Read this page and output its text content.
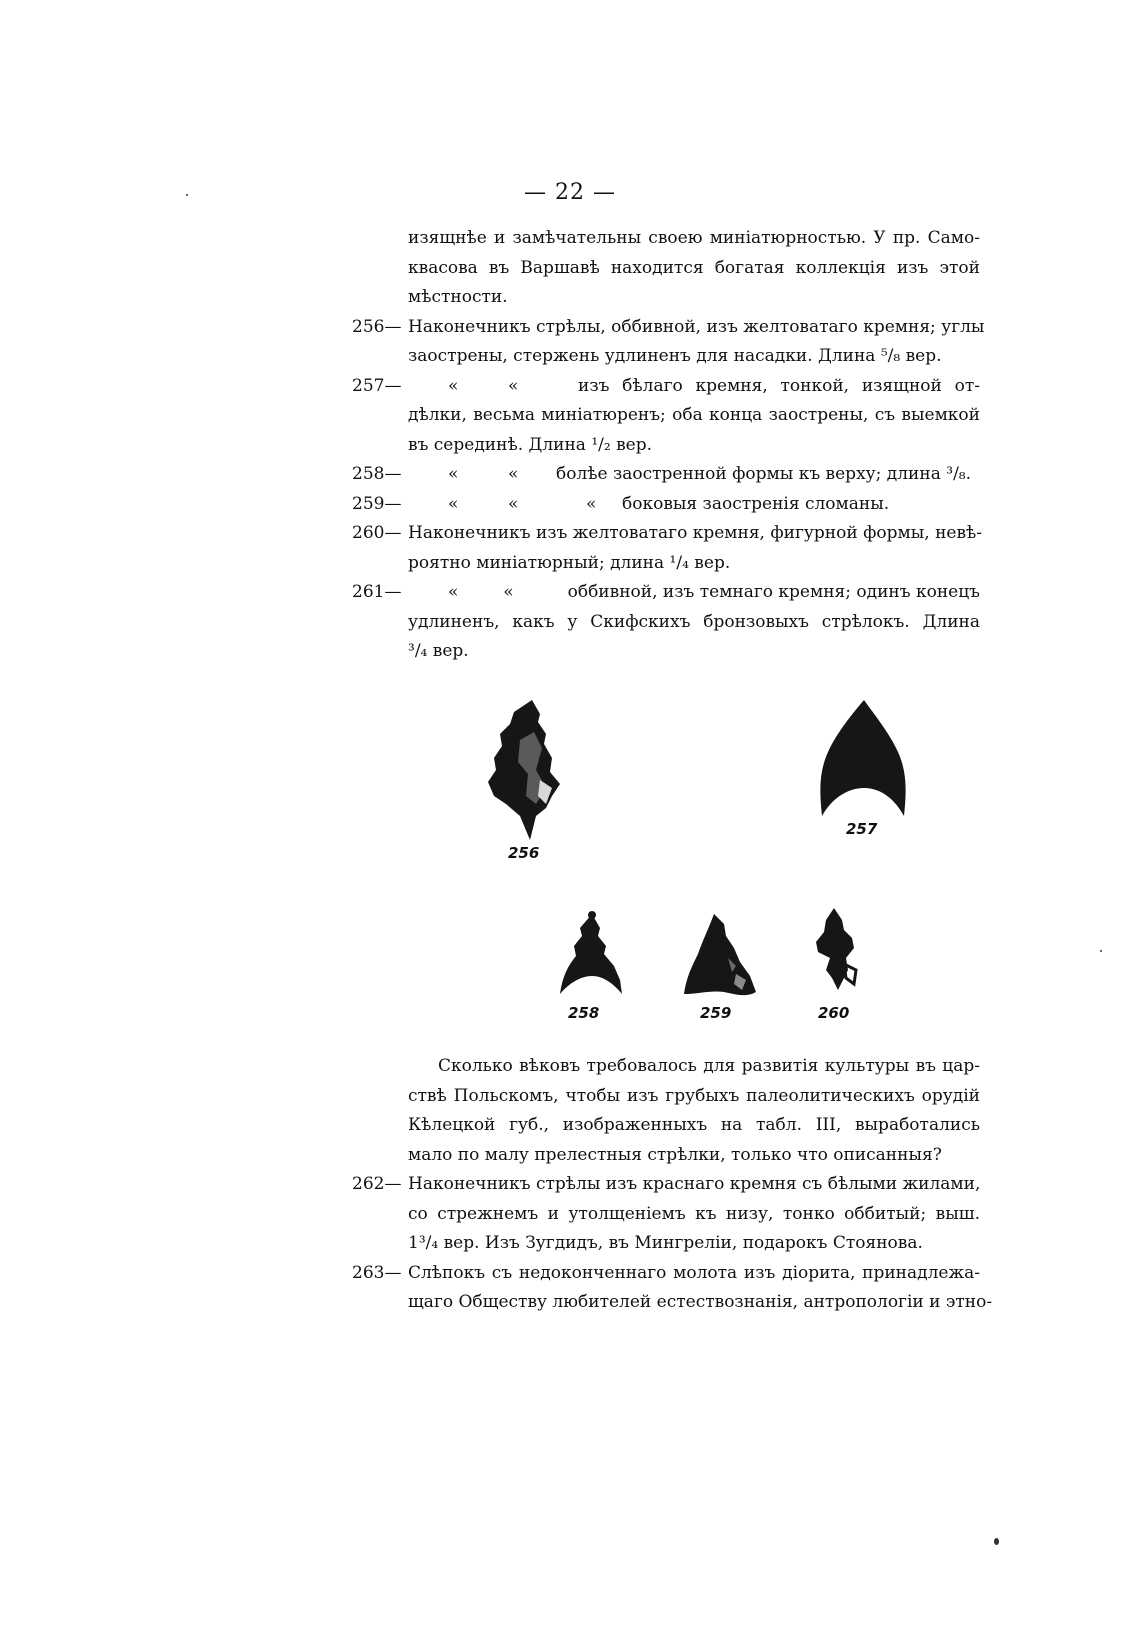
— 22 —
изящнѣе и замѣчательны своею миніатюрностью. У пр. Само-
квасова въ Варшавѣ находится богатая коллекція изъ этой
мѣстности.
256— Наконечникъ стрѣлы, оббивной, изъ желтоватаго кремня; углы
заострены, стержень удлиненъ для насадки. Длина ⁵/₈ вер.
257—	«	«	изъ бѣлаго кремня, тонкой, изящной от-
дѣлки, весьма миніатюренъ; оба конца заострены, съ выемкой
въ серединѣ. Длина ¹/₂ вер.
258—	«	«	болѣе заостренной формы къ верху; длина ³/₈.
259—	«	«	«	боковыя заостренія сломаны.
260— Наконечникъ изъ желтоватаго кремня, фигурной формы, невѣ-
роятно миніатюрный; длина ¹/₄ вер.
261—	«	«	оббивной, изъ темнаго кремня; одинъ конецъ
удлиненъ, какъ у Скифскихъ бронзовыхъ стрѣлокъ. Длина
³/₄ вер.
256
257
258	259	260
Сколько вѣковъ требовалось для развитія культуры въ цар-
ствѣ Польскомъ, чтобы изъ грубыхъ палеолитическихъ орудій
Кѣлецкой губ., изображенныхъ на табл. III, выработались
мало по малу прелестныя стрѣлки, только что описанныя?
262— Наконечникъ стрѣлы изъ краснаго кремня съ бѣлыми жилами,
со стрежнемъ и утолщеніемъ къ низу, тонко оббитый; выш.
1³/₄ вер. Изъ Зугдидъ, въ Мингреліи, подарокъ Стоянова.
263— Слѣпокъ съ недоконченнаго молота изъ діорита, принадлежа-
щаго Обществу любителей естествознанія, антропологіи и этно-
